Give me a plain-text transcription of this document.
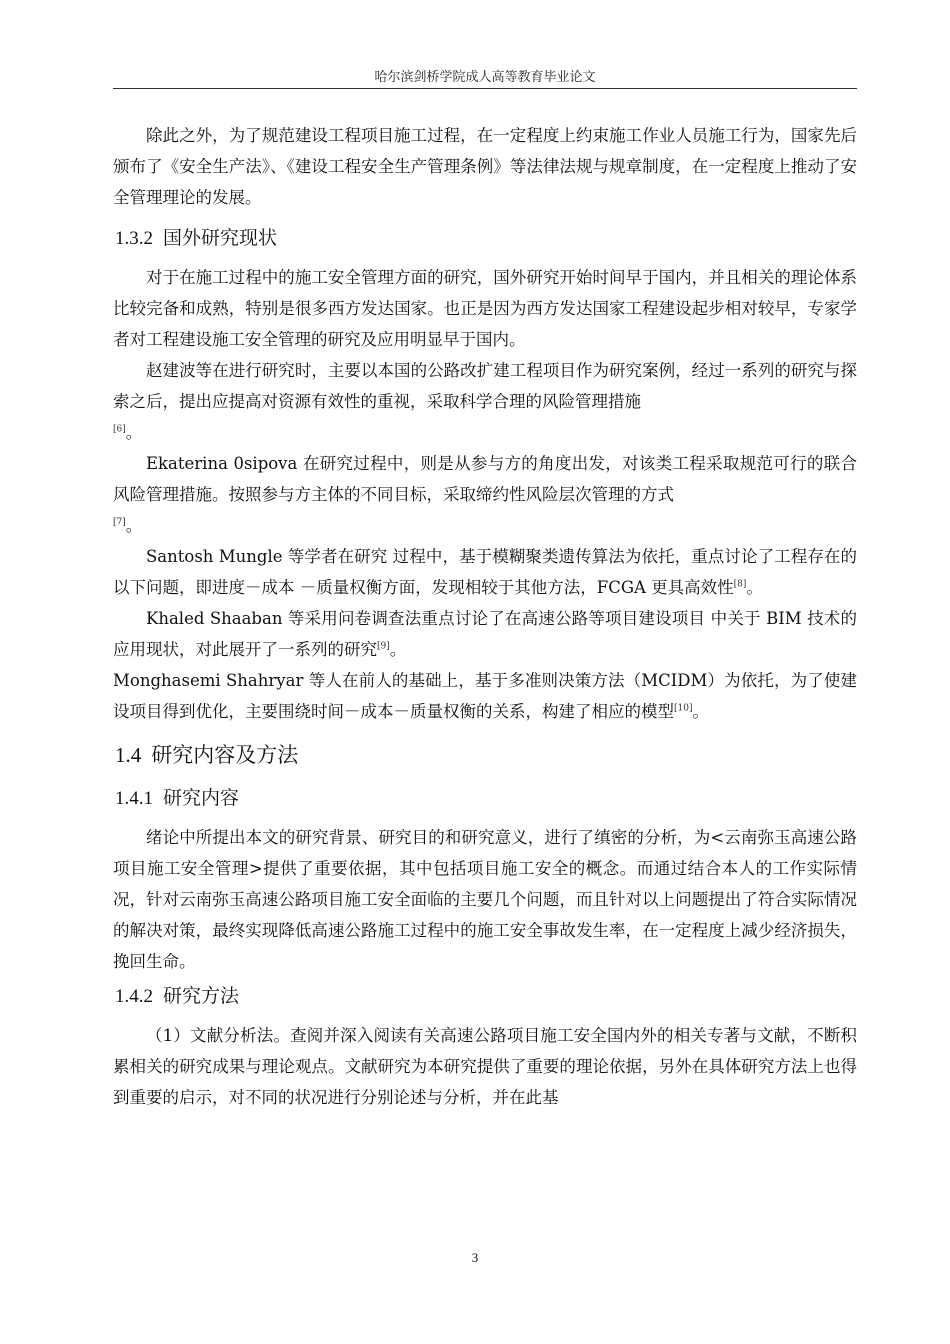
哈尔滨剑桥学院成人高等教育毕业论文

除此之外，为了规范建设工程项目施工过程，在一定程度上约束施工作业人员施工行为，国家先后颁布了《安全生产法》、《建设工程安全生产管理条例》等法律法规与规章制度，在一定程度上推动了安全管理理论的发展。

1.3.2 国外研究现状

对于在施工过程中的施工安全管理方面的研究，国外研究开始时间早于国内，并且相关的理论体系比较完备和成熟，特别是很多西方发达国家。也正是因为西方发达国家工程建设起步相对较早，专家学者对工程建设施工安全管理的研究及应用明显早于国内。

赵建波等在进行研究时，主要以本国的公路改扩建工程项目作为研究案例，经过一系列的研究与探索之后，提出应提高对资源有效性的重视，采取科学合理的风险管理措施
[6]。

Ekaterina 0sipova 在研究过程中，则是从参与方的角度出发，对该类工程采取规范可行的联合风险管理措施。按照参与方主体的不同目标，采取缔约性风险层次管理的方式
[7]。

Santosh Mungle 等学者在研究 过程中，基于模糊聚类遗传算法为依托，重点讨论了工程存在的以下问题，即进度－成本 －质量权衡方面，发现相较于其他方法，FCGA 更具高效性[8]。

Khaled Shaaban 等采用问卷调查法重点讨论了在高速公路等项目建设项目 中关于 BIM 技术的应用现状，对此展开了一系列的研究[9]。

Monghasemi Shahryar 等人在前人的基础上，基于多准则决策方法（MCIDM）为依托，为了使建设项目得到优化，主要围绕时间－成本－质量权衡的关系，构建了相应的模型[10]。

1.4 研究内容及方法
1.4.1 研究内容

绪论中所提出本文的研究背景、研究目的和研究意义，进行了缜密的分析，为<云南弥玉高速公路项目施工安全管理>提供了重要依据，其中包括项目施工安全的概念。而通过结合本人的工作实际情况，针对云南弥玉高速公路项目施工安全面临的主要几个问题，而且针对以上问题提出了符合实际情况的解决对策，最终实现降低高速公路施工过程中的施工安全事故发生率，在一定程度上减少经济损失，挽回生命。

1.4.2 研究方法

（1）文献分析法。查阅并深入阅读有关高速公路项目施工安全国内外的相关专著与文献，不断积累相关的研究成果与理论观点。文献研究为本研究提供了重要的理论依据，另外在具体研究方法上也得到重要的启示，对不同的状况进行分别论述与分析，并在此基

3
